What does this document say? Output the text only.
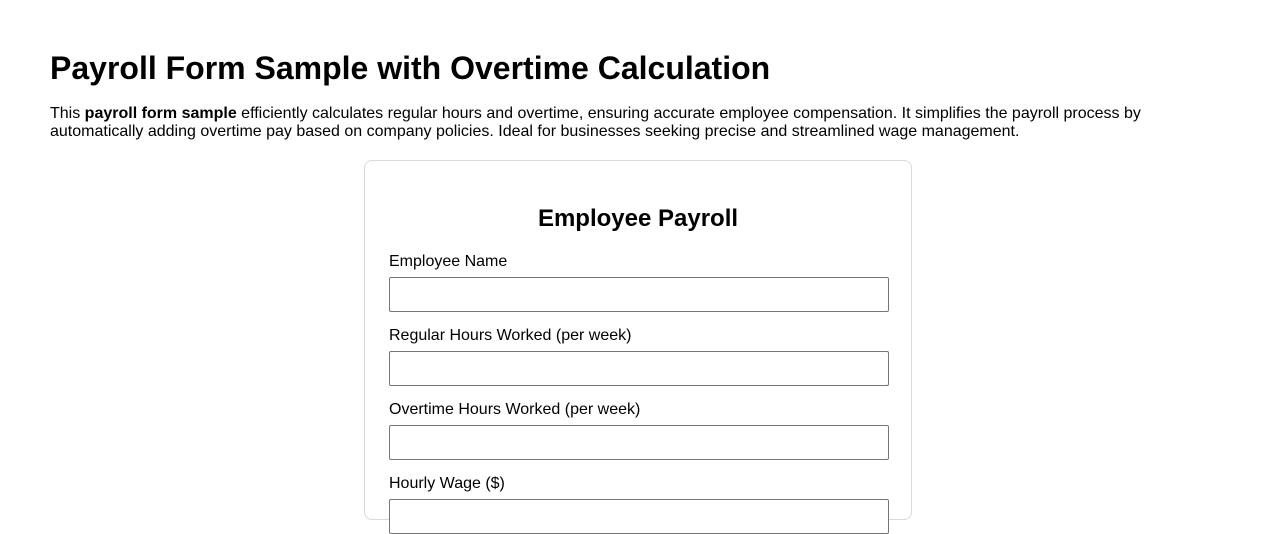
Payroll Form Sample with Overtime Calculation

This payroll form sample efficiently calculates regular hours and overtime, ensuring accurate employee compensation. It simplifies the payroll process by automatically adding overtime pay based on company policies. Ideal for businesses seeking precise and streamlined wage management.

Employee Payroll
Employee Name
Regular Hours Worked (per week)
Overtime Hours Worked (per week)
Hourly Wage ($)
